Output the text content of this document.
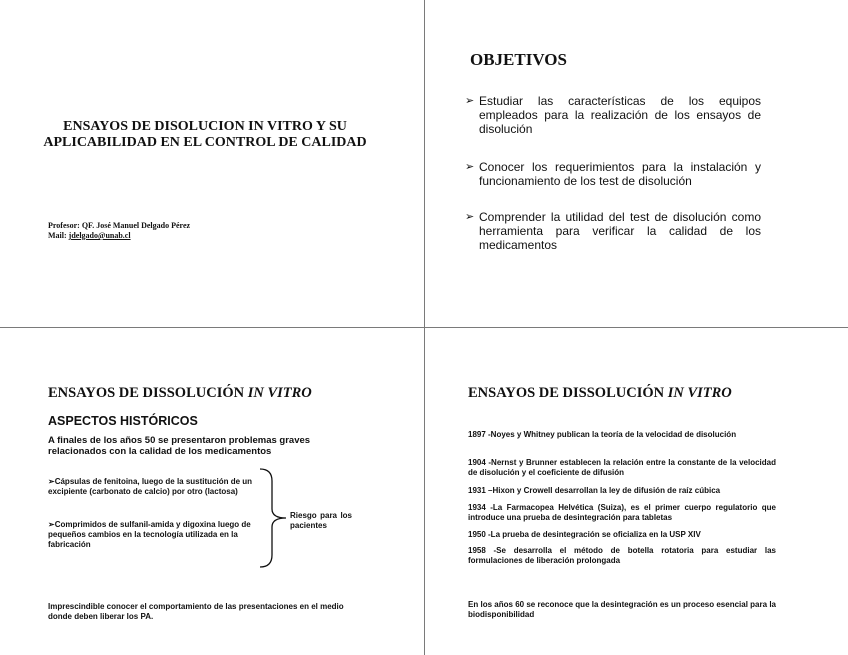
ENSAYOS DE DISOLUCION IN VITRO Y SU APLICABILIDAD EN EL CONTROL DE CALIDAD
Profesor: QF. José Manuel Delgado Pérez
Mail: jdelgado@unab.cl
OBJETIVOS
➢ Estudiar las características de los equipos empleados para la realización de los ensayos de disolución
➢ Conocer los requerimientos para la instalación y funcionamiento de los test de disolución
➢ Comprender la utilidad del test de disolución como herramienta para verificar la calidad de los medicamentos
ENSAYOS DE DISSOLUCIÓN IN VITRO
ASPECTOS HISTÓRICOS
A finales de los años 50 se presentaron problemas graves relacionados con la calidad de los medicamentos
➢Cápsulas de fenitoina, luego de la sustitución de un excipiente (carbonato de calcio) por otro (lactosa)
➢Comprimidos de sulfanil-amida y digoxina luego de pequeños cambios en la tecnología utilizada en la fabricación
Riesgo para los pacientes
Imprescindible conocer el comportamiento de las presentaciones en el medio donde deben liberar los PA.
ENSAYOS DE DISSOLUCIÓN IN VITRO
1897 -Noyes y Whitney publican la teoría de la velocidad de disolución
1904 -Nernst y Brunner establecen la relación entre la constante de la velocidad de disolución y el coeficiente de difusión
1931 –Hixon y Crowell desarrollan la ley de difusión de raíz cúbica
1934 -La Farmacopea Helvética (Suiza), es el primer cuerpo regulatorio que introduce una prueba de desintegración para tabletas
1950 -La prueba de desintegración se oficializa en la USP XIV
1958 -Se desarrolla el método de botella rotatoria para estudiar las formulaciones de liberación prolongada
En los años 60 se reconoce que la desintegración es un proceso esencial para la biodisponibilidad
